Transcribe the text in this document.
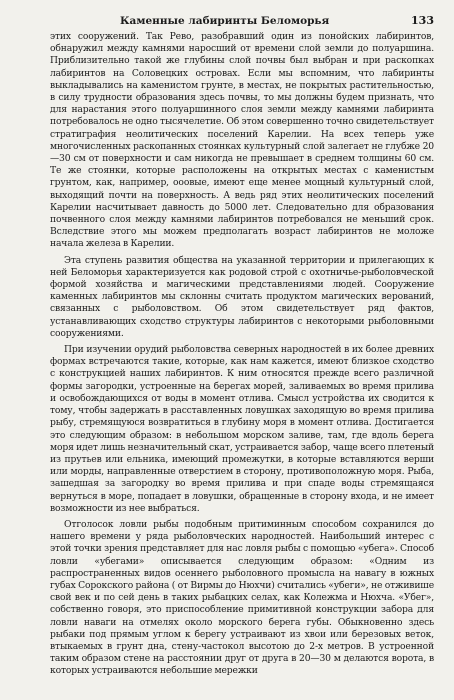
Каменные лабиринты Беломорья	133

этих сооружений. Так Рево, разобравший один из понойских лабиринтов, обнаружил между камнями наросший от времени слой земли до полуаршина. Приблизительно такой же глубины слой почвы был выбран и при раскопках лабиринтов на Соловецких островах. Если мы вспомним, что лабиринты выкладывались на каменистом грунте, в местах, не покрытых растительностью, в силу трудности образования здесь почвы, то мы должны будем признать, что для нарастания этого полуаршинного слоя земли между камнями лабиринта потребовалось не одно тысячелетие. Об этом совершенно точно свидетельствует стратиграфия неолитических поселений Карелии. На всех теперь уже многочисленных раскопанных стоянках культурный слой залегает не глубже 20—30 см от поверхности и сам никогда не превышает в среднем толщины 60 см. Те же стоянки, которые расположены на открытых местах с каменистым грунтом, как, например, ооовые, имеют еще менее мощный культурный слой, выходящий почти на поверхность. А ведь ряд этих неолитических поселений Карелии насчитывает давность до 5000 лет. Следовательно для образования почвенного слоя между камнями лабиринтов потребовался не меньший срок. Вследствие этого мы можем предполагать возраст лабиринтов не моложе начала железа в Карелии.

Эта ступень развития общества на указанной территории и прилегающих к ней Беломорья характеризуется как родовой строй с охотничье-рыболовческой формой хозяйства и магическими представлениями людей. Сооружение каменных лабиринтов мы склонны считать продуктом магических верований, связанных с рыболовством. Об этом свидетельствует ряд фактов, устанавливающих сходство структуры лабиринтов с некоторыми рыболовными сооружениями.

При изучении орудий рыболовства северных народностей в их более древних формах встречаются такие, которые, как нам кажется, имеют близкое сходство с конструкцией наших лабиринтов. К ним относятся прежде всего различной формы загородки, устроенные на берегах морей, заливаемых во время прилива и освобождающихся от воды в момент отлива. Смысл устройства их сводится к тому, чтобы задержать в расставленных ловушках заходящую во время прилива рыбу, стремящуюся возвратиться в глубину моря в момент отлива. Достигается это следующим образом: в небольшом морском заливе, там, где вдоль берега моря идет лишь незначительный скат, устраивается забор, чаще всего плетеный из прутьев или ельника, имеющий промежутки, в которые вставляются верши или морды, направленные отверстием в сторону, противоположную моря. Рыба, зашедшая за загородку во время прилива и при спаде воды стремящаяся вернуться в море, попадает в ловушки, обращенные в сторону входа, и не имеет возможности из нее выбраться.

Отголосок ловли рыбы подобным притиминным способом сохранился до нашего времени у ряда рыболовческих народностей. Наибольший интерес с этой точки зрения представляет для нас ловля рыбы с помощью «убега». Способ ловли «убегами» описывается следующим образом: «Одним из распространенных видов осеннего рыболовного промысла на навагу в южных губах Сорокского района ( от Вирмы до Нюхчи) считались «убеги», не отживише свой век и по сей день в таких рыбацких селах, как Колежма и Нюхча. «Убег», собственно говоря, это приспособление примитивной конструкции забора для ловли наваги на отмелях около морского берега губы. Обыкновенно здесь рыбаки под прямым углом к берегу устраивают из хвои или березовых веток, втыкаемых в грунт дна, стену-частокол высотою до 2-х метров. В устроенной таким образом стене на расстоянии друг от друга в 20—30 м делаются ворота, в которых устраиваются небольшие мережки
